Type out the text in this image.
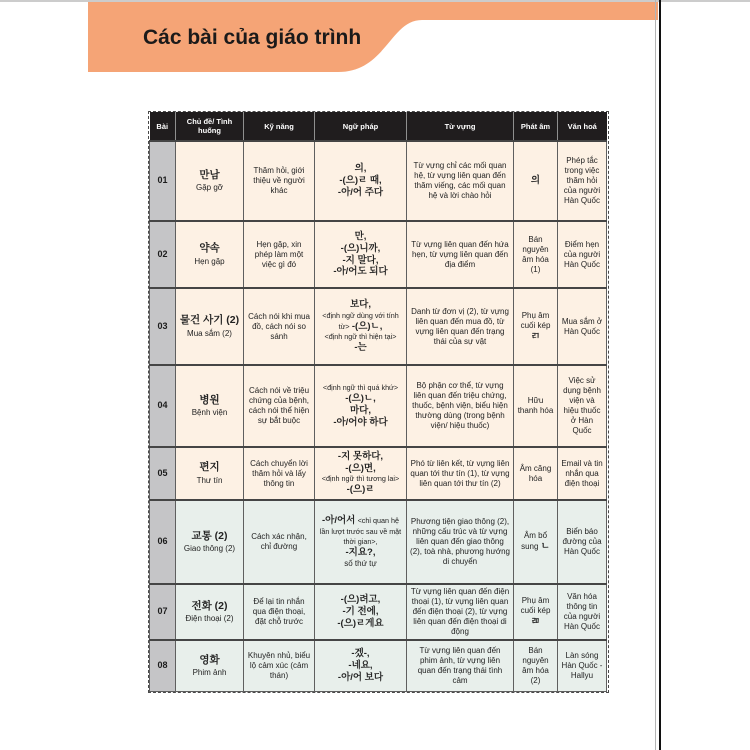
Các bài của giáo trình
Bài	Chủ đề/ Tình huống	Kỹ năng	Ngữ pháp	Từ vựng	Phát âm	Văn hoá
01	만남
Gặp gỡ
	Thăm hỏi, giới thiệu về người khác	의,
-(으)ㄹ 때,
-아/어 주다	Từ vựng chỉ các mối quan hệ, từ vựng liên quan đến thăm viếng, các mối quan hệ và lời chào hỏi	의	Phép tắc trong việc thăm hỏi của người Hàn Quốc
02	약속
Hẹn gặp
	Hẹn gặp, xin phép làm một việc gì đó	만,
-(으)니까,
-지 말다,
-아/어도 되다	Từ vựng liên quan đến hứa hẹn, từ vựng liên quan đến địa điểm	Bán nguyên âm hóa (1)	Điểm hẹn của người Hàn Quốc
03	물건 사기 (2)
Mua sắm (2)
	Cách nói khi mua đồ, cách nói so sánh	보다,
<định ngữ dùng với tính từ> -(으)ㄴ,
<định ngữ thì hiện tại>
-는	Danh từ đơn vị (2), từ vựng liên quan đến mua đồ, từ vựng liên quan đến trạng thái của sự vật	Phụ âm cuối kép
ㄺ	Mua sắm ở Hàn Quốc
04	병원
Bệnh viện
	Cách nói về triệu chứng của bệnh, cách nói thể hiện sự bắt buộc	<định ngữ thì quá khứ>
-(으)ㄴ,
마다,
-아/어야 하다	Bộ phận cơ thể, từ vựng liên quan đến triệu chứng, thuốc, bệnh viện, biểu hiện thường dùng (trong bệnh viện/ hiệu thuốc)	Hữu thanh hóa	Việc sử dụng bệnh viện và hiệu thuốc ở Hàn Quốc
05	편지
Thư tín
	Cách chuyển lời thăm hỏi và lấy thông tin	-지 못하다,
-(으)면,
<định ngữ thì tương lai>
-(으)ㄹ	Phó từ liên kết, từ vựng liên quan tới thư tín (1), từ vựng liên quan tới thư tín (2)	Âm căng hóa	Email và tin nhắn qua điện thoại
06	교통 (2)
Giao thông (2)
	Cách xác nhận, chỉ đường	-아/어서 <chỉ quan hệ lần lượt trước sau về mặt thời gian>,
-지요?,
số thứ tự	Phương tiện giao thông (2), những cấu trúc và từ vựng liên quan đến giao thông (2), toà nhà, phương hướng di chuyển	Âm bổ sung ㄴ	Biển báo đường của Hàn Quốc
07	전화 (2)
Điện thoại (2)
	Để lại tin nhắn qua điện thoại, đặt chỗ trước	-(으)려고,
-기 전에,
-(으)ㄹ게요	Từ vựng liên quan đến điện thoại (1), từ vựng liên quan đến điện thoại (2), từ vựng liên quan đến điện thoại di động	Phụ âm cuối kép
ㄻ	Văn hóa thông tin của người Hàn Quốc
08	영화
Phim ảnh
	Khuyên nhủ, biểu lộ cảm xúc (cảm thán)	-겠-,
-네요,
-아/어 보다	Từ vựng liên quan đến phim ảnh, từ vựng liên quan đến trạng thái tình cảm	Bán nguyên âm hóa (2)	Làn sóng Hàn Quốc - Hallyu
